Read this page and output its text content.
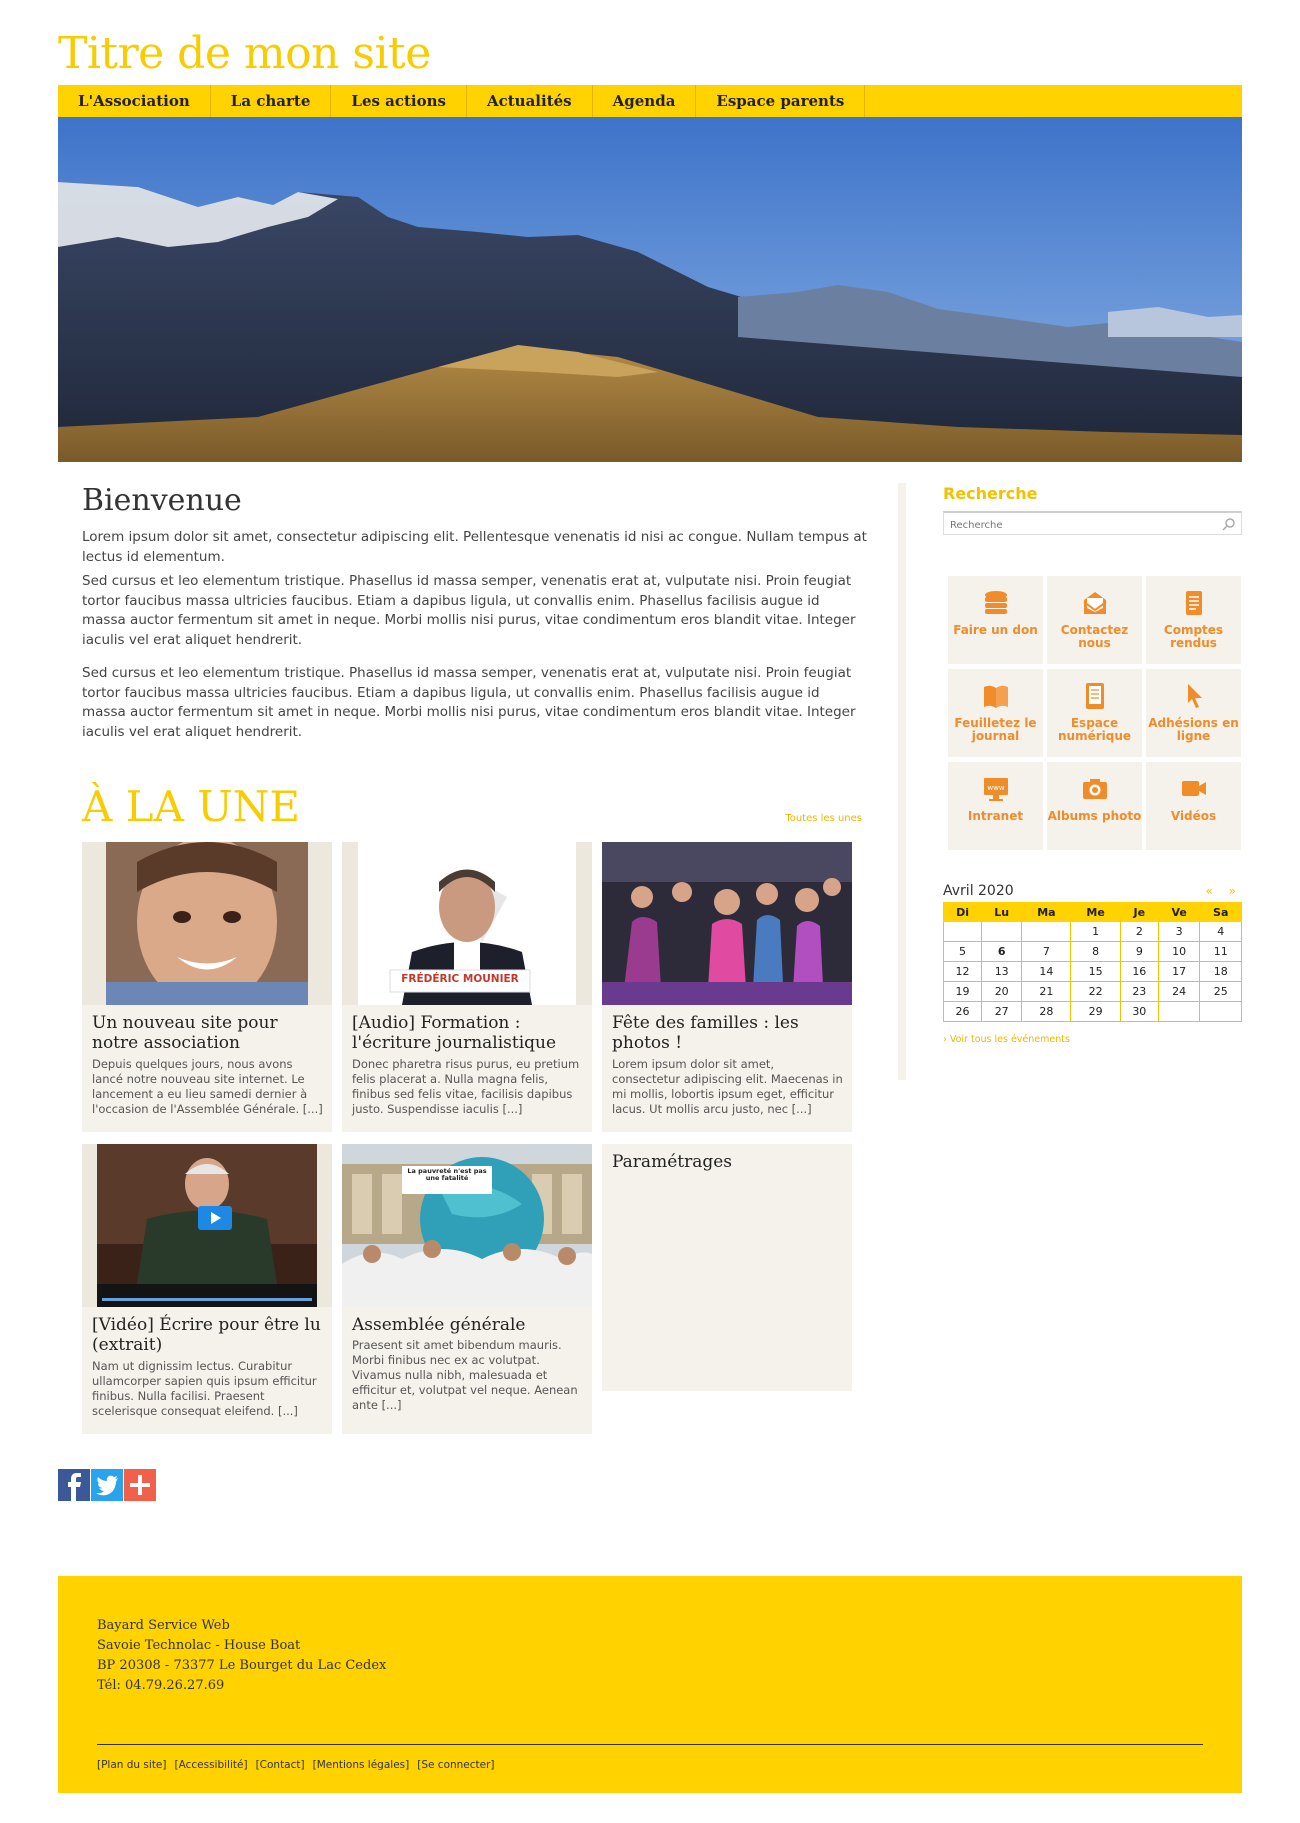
Titre de mon site
L'Association	La charte	Les actions	Actualités	Agenda	Espace parents
Bienvenue

Lorem ipsum dolor sit amet, consectetur adipiscing elit. Pellentesque venenatis id nisi ac congue. Nullam tempus at lectus id elementum.

Sed cursus et leo elementum tristique. Phasellus id massa semper, venenatis erat at, vulputate nisi. Proin feugiat tortor faucibus massa ultricies faucibus. Etiam a dapibus ligula, ut convallis enim. Phasellus facilisis augue id massa auctor fermentum sit amet in neque. Morbi mollis nisi purus, vitae condimentum eros blandit vitae. Integer iaculis vel erat aliquet hendrerit.

Sed cursus et leo elementum tristique. Phasellus id massa semper, venenatis erat at, vulputate nisi. Proin feugiat tortor faucibus massa ultricies faucibus. Etiam a dapibus ligula, ut convallis enim. Phasellus facilisis augue id massa auctor fermentum sit amet in neque. Morbi mollis nisi purus, vitae condimentum eros blandit vitae. Integer iaculis vel erat aliquet hendrerit.

À LA UNE	Toutes les unes
Un nouveau site pour notre association
Depuis quelques jours, nous avons lancé notre nouveau site internet. Le lancement a eu lieu samedi dernier à l'occasion de l'Assemblée Générale. [...]
FRÉDÉRIC MOUNIER
[Audio] Formation : l'écriture journalistique
Donec pharetra risus purus, eu pretium felis placerat a. Nulla magna felis, finibus sed felis vitae, facilisis dapibus justo. Suspendisse iaculis [...]
Fête des familles : les photos !
Lorem ipsum dolor sit amet, consectetur adipiscing elit. Maecenas in mi mollis, lobortis ipsum eget, efficitur lacus. Ut mollis arcu justo, nec [...]
[Vidéo] Écrire pour être lu (extrait)
Nam ut dignissim lectus. Curabitur ullamcorper sapien quis ipsum efficitur finibus. Nulla facilisi. Praesent scelerisque consequat eleifend. [...]
La pauvreté n'est pas une fatalité
Assemblée générale
Praesent sit amet bibendum mauris. Morbi finibus nec ex ac volutpat. Vivamus nulla nibh, malesuada et efficitur et, volutpat vel neque. Aenean ante [...]
Paramétrages
Recherche
Recherche
Faire un don	Contactez nous
Comptes rendus
Feuilletez le journal
Espace numérique
Adhésions en ligne
www
Intranet Albums photo Vidéos
Avril 2020	« »
Di	Lu	Ma	Me	Je	Ve	Sa
			1	2	3	4
5	6	7	8	9	10	11
12	13	14	15	16	17	18
19	20	21	22	23	24	25
26	27	28	29	30		
› Voir tous les événements
Bayard Service Web
Savoie Technolac - House Boat
BP 20308 - 73377 Le Bourget du Lac Cedex
Tél: 04.79.26.27.69
[Plan du site] [Accessibilité] [Contact] [Mentions légales] [Se connecter]
